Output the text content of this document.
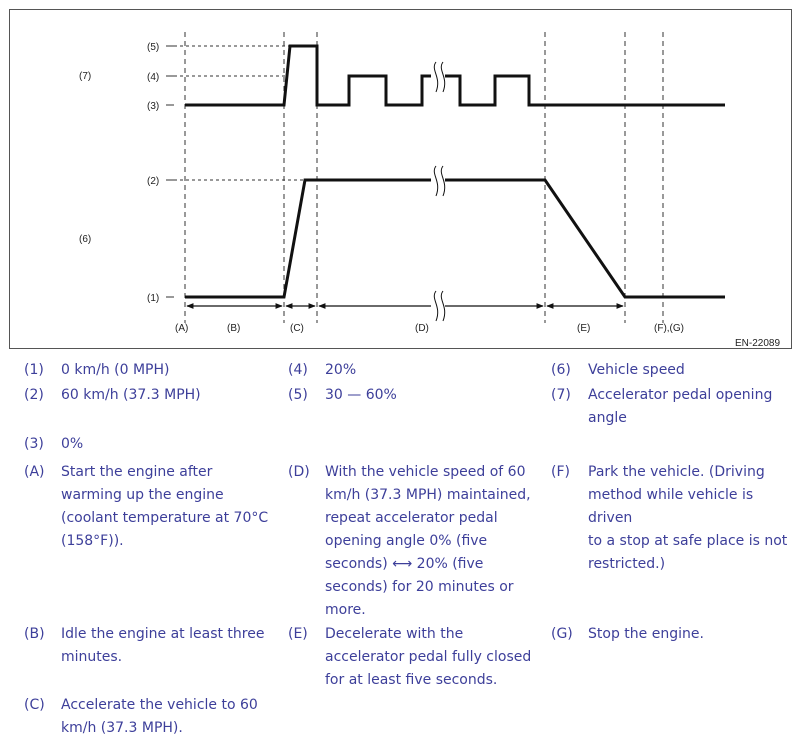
(5)
(4)
(3)
(2)
(1)
(7)
(6)
(A)	(B)	(C)	(D)	(E)	(F),(G)
EN-22089
(1) 0 km/h (0 MPH)
(2) 60 km/h (37.3 MPH)
(3) 0%
(4) 20%
(5) 30 — 60%
(6) Vehicle speed
(7) Accelerator pedal opening
angle
(A) Start the engine after
warming up the engine
(coolant temperature at 70°C
(158°F)).
(B) Idle the engine at least three
minutes.
(C) Accelerate the vehicle to 60
km/h (37.3 MPH).
(D) With the vehicle speed of 60
km/h (37.3 MPH) maintained,
repeat accelerator pedal
opening angle 0% (five
seconds) ⟷ 20% (five
seconds) for 20 minutes or
more.
(E) Decelerate with the
accelerator pedal fully closed
for at least five seconds.
(F) Park the vehicle. (Driving
method while vehicle is driven
to a stop at safe place is not
restricted.)
(G) Stop the engine.
